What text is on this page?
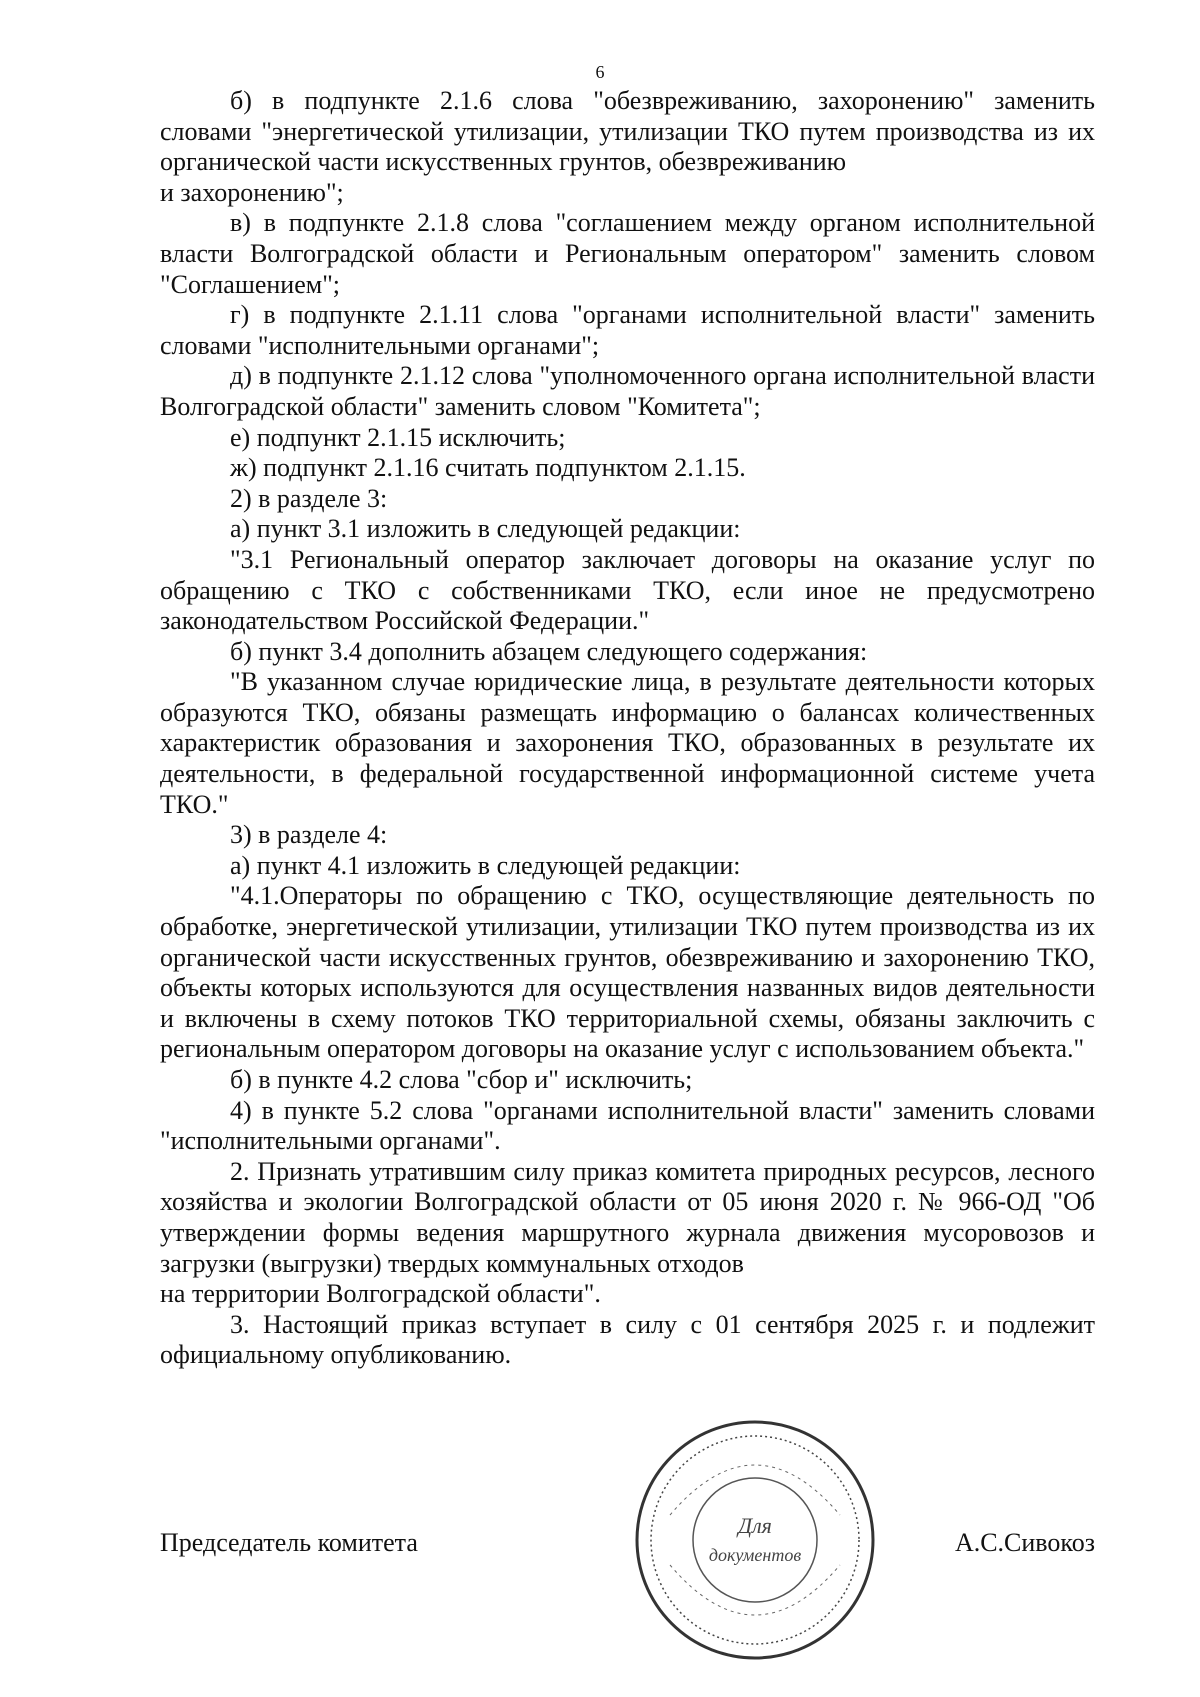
6

б) в подпункте 2.1.6 слова "обезвреживанию, захоронению" заменить словами "энергетической утилизации, утилизации ТКО путем производства из их органической части искусственных грунтов, обезвреживанию

и захоронению";

в) в подпункте 2.1.8 слова "соглашением между органом исполнительной власти Волгоградской области и Региональным оператором" заменить словом "Соглашением";

г) в подпункте 2.1.11 слова "органами исполнительной власти" заменить словами "исполнительными органами";

д) в подпункте 2.1.12 слова "уполномоченного органа исполнительной власти Волгоградской области" заменить словом "Комитета";

е) подпункт 2.1.15 исключить;

ж) подпункт 2.1.16 считать подпунктом 2.1.15.

2) в разделе 3:

а) пункт 3.1 изложить в следующей редакции:

"3.1 Региональный оператор заключает договоры на оказание услуг по обращению с ТКО с собственниками ТКО, если иное не предусмотрено законодательством Российской Федерации."

б) пункт 3.4 дополнить абзацем следующего содержания:

"В указанном случае юридические лица, в результате деятельности которых образуются ТКО, обязаны размещать информацию о балансах количественных характеристик образования и захоронения ТКО, образованных в результате их деятельности, в федеральной государственной информационной системе учета ТКО."

3) в разделе 4:

а) пункт 4.1 изложить в следующей редакции:

"4.1.Операторы по обращению с ТКО, осуществляющие деятельность по обработке, энергетической утилизации, утилизации ТКО путем производства из их органической части искусственных грунтов, обезвреживанию и захоронению ТКО, объекты которых используются для осуществления названных видов деятельности и включены в схему потоков ТКО территориальной схемы, обязаны заключить с региональным оператором договоры на оказание услуг с использованием объекта."

б) в пункте 4.2 слова "сбор и" исключить;

4) в пункте 5.2 слова "органами исполнительной власти" заменить словами "исполнительными органами".

2. Признать утратившим силу приказ комитета природных ресурсов, лесного хозяйства и экологии Волгоградской области от 05 июня 2020 г. № 966-ОД "Об утверждении формы ведения маршрутного журнала движения мусоровозов и загрузки (выгрузки) твердых коммунальных отходов

на территории Волгоградской области".

3. Настоящий приказ вступает в силу с 01 сентября 2025 г. и подлежит официальному опубликованию.

Для
документов
Председатель комитета	А.С.Сивокоз
